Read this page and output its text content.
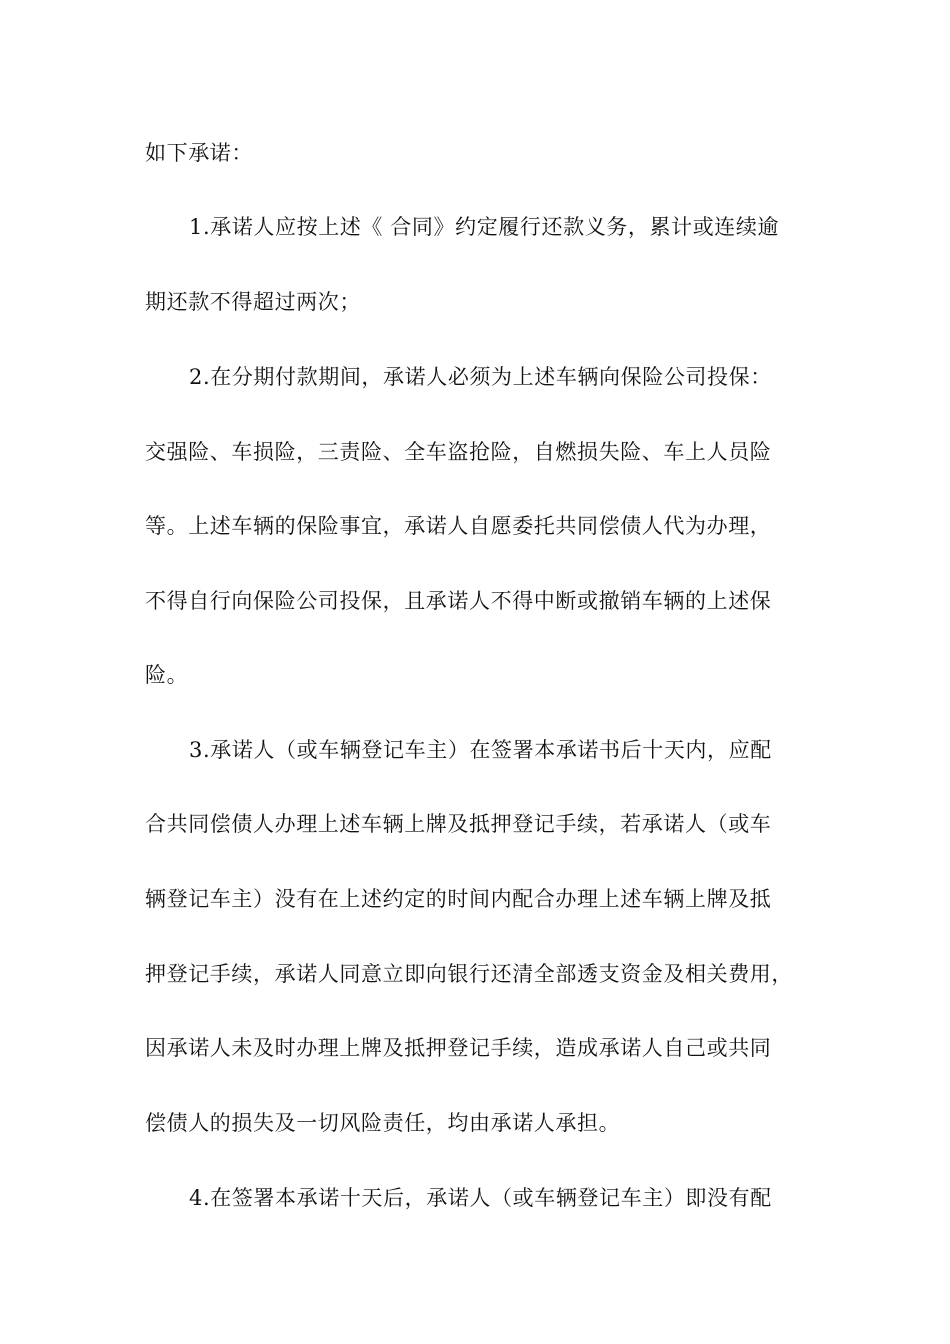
如下承诺：
1.承诺人应按上述《 合同》约定履行还款义务，累计或连续逾
期还款不得超过两次；
2.在分期付款期间，承诺人必须为上述车辆向保险公司投保：
交强险、车损险，三责险、全车盗抢险，自燃损失险、车上人员险
等。上述车辆的保险事宜，承诺人自愿委托共同偿债人代为办理，
不得自行向保险公司投保，且承诺人不得中断或撤销车辆的上述保
险。
3.承诺人（或车辆登记车主）在签署本承诺书后十天内，应配
合共同偿债人办理上述车辆上牌及抵押登记手续，若承诺人（或车
辆登记车主）没有在上述约定的时间内配合办理上述车辆上牌及抵
押登记手续，承诺人同意立即向银行还清全部透支资金及相关费用，
因承诺人未及时办理上牌及抵押登记手续，造成承诺人自己或共同
偿债人的损失及一切风险责任，均由承诺人承担。
4.在签署本承诺十天后，承诺人（或车辆登记车主）即没有配
